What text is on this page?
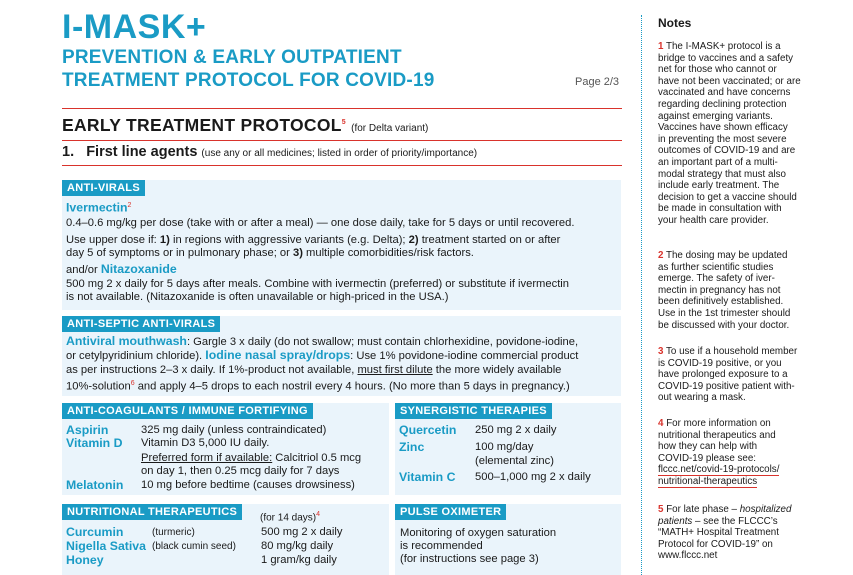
I-MASK+
PREVENTION & EARLY OUTPATIENT
TREATMENT PROTOCOL FOR COVID-19	Page 2/3
EARLY TREATMENT PROTOCOL$^5$ (for Delta variant)
1. First line agents (use any or all medicines; listed in order of priority/importance)
ANTI-VIRALS
Ivermectin$^2$
0.4–0.6 mg/kg per dose (take with or after a meal) — one dose daily, take for 5 days or until recovered.
Use upper dose if: 1) in regions with aggressive variants (e.g. Delta); 2) treatment started on or after
day 5 of symptoms or in pulmonary phase; or 3) multiple comorbidities/risk factors.
and/or Nitazoxanide
500 mg 2 x daily for 5 days after meals. Combine with ivermectin (preferred) or substitute if ivermectin
is not available. (Nitazoxanide is often unavailable or high-priced in the USA.)
ANTI-SEPTIC ANTI-VIRALS
Antiviral mouthwash: Gargle 3 x daily (do not swallow; must contain chlorhexidine, povidone-iodine,
or cetylpyridinium chloride). Iodine nasal spray/drops: Use 1% povidone-iodine commercial product
as per instructions 2–3 x daily. If 1%-product not available, must first dilute the more widely available
10%-solution$^6$ and apply 4–5 drops to each nostril every 4 hours. (No more than 5 days in pregnancy.)
ANTI-COAGULANTS / IMMUNE FORTIFYING
Aspirin	325 mg daily (unless contraindicated)
Vitamin D Vitamin D3 5,000 IU daily.
Preferred form if available: Calcitriol 0.5 mcg
on day 1, then 0.25 mcg daily for 7 days
Melatonin 10 mg before bedtime (causes drowsiness)
SYNERGISTIC THERAPIES
Quercetin 250 mg 2 x daily
Zinc	100 mg/day
(elemental zinc)
Vitamin C 500–1,000 mg 2 x daily
NUTRITIONAL THERAPEUTICS	(for 14 days)$^4$
Curcumin	(turmeric)	500 mg 2 x daily
Nigella Sativa (black cumin seed) 80 mg/kg daily
Honey	1 gram/kg daily
PULSE OXIMETER
Monitoring of oxygen saturation
is recommended
(for instructions see page 3)
Notes
1 The I-MASK+ protocol is a
bridge to vaccines and a safety
net for those who cannot or
have not been vaccinated; or are
vaccinated and have concerns
regarding declining protection
against emerging variants.
Vaccines have shown efficacy
in preventing the most severe
outcomes of COVID-19 and are
an important part of a multi-
modal strategy that must also
include early treatment. The
decision to get a vaccine should
be made in consultation with
your health care provider.
2 The dosing may be updated
as further scientific studies
emerge. The safety of iver-
mectin in pregnancy has not
been definitively established.
Use in the 1st trimester should
be discussed with your doctor.
3 To use if a household member
is COVID-19 positive, or you
have prolonged exposure to a
COVID-19 positive patient with-
out wearing a mask.
4 For more information on
nutritional therapeutics and
how they can help with
COVID-19 please see:
flccc.net/covid-19-protocols/
nutritional-therapeutics
5 For late phase – hospitalized
patients – see the FLCCC’s
“MATH+ Hospital Treatment
Protocol for COVID-19” on
www.flccc.net
